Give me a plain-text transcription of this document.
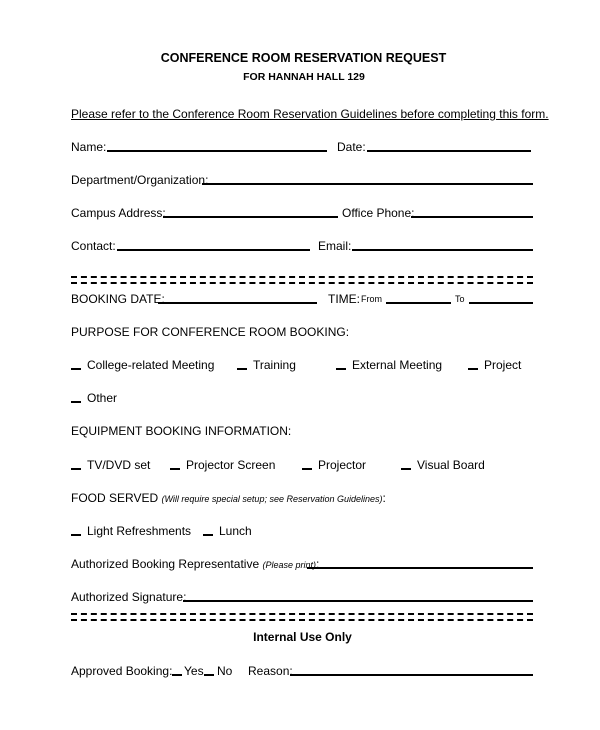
CONFERENCE ROOM RESERVATION REQUEST
FOR HANNAH HALL 129
Please refer to the Conference Room Reservation Guidelines before completing this form.
Name:	Date:
Department/Organization:
Campus Address:	Office Phone:
Contact:	Email:
BOOKING DATE:	TIME: From	To
PURPOSE FOR CONFERENCE ROOM BOOKING:
College-related Meeting	Training	External Meeting	Project
Other
EQUIPMENT BOOKING INFORMATION:
TV/DVD set	Projector Screen	Projector	Visual Board
FOOD SERVED (Will require special setup; see Reservation Guidelines):
Light Refreshments	Lunch
Authorized Booking Representative (Please print):
Authorized Signature:
Internal Use Only
Approved Booking: Yes	No Reason:
